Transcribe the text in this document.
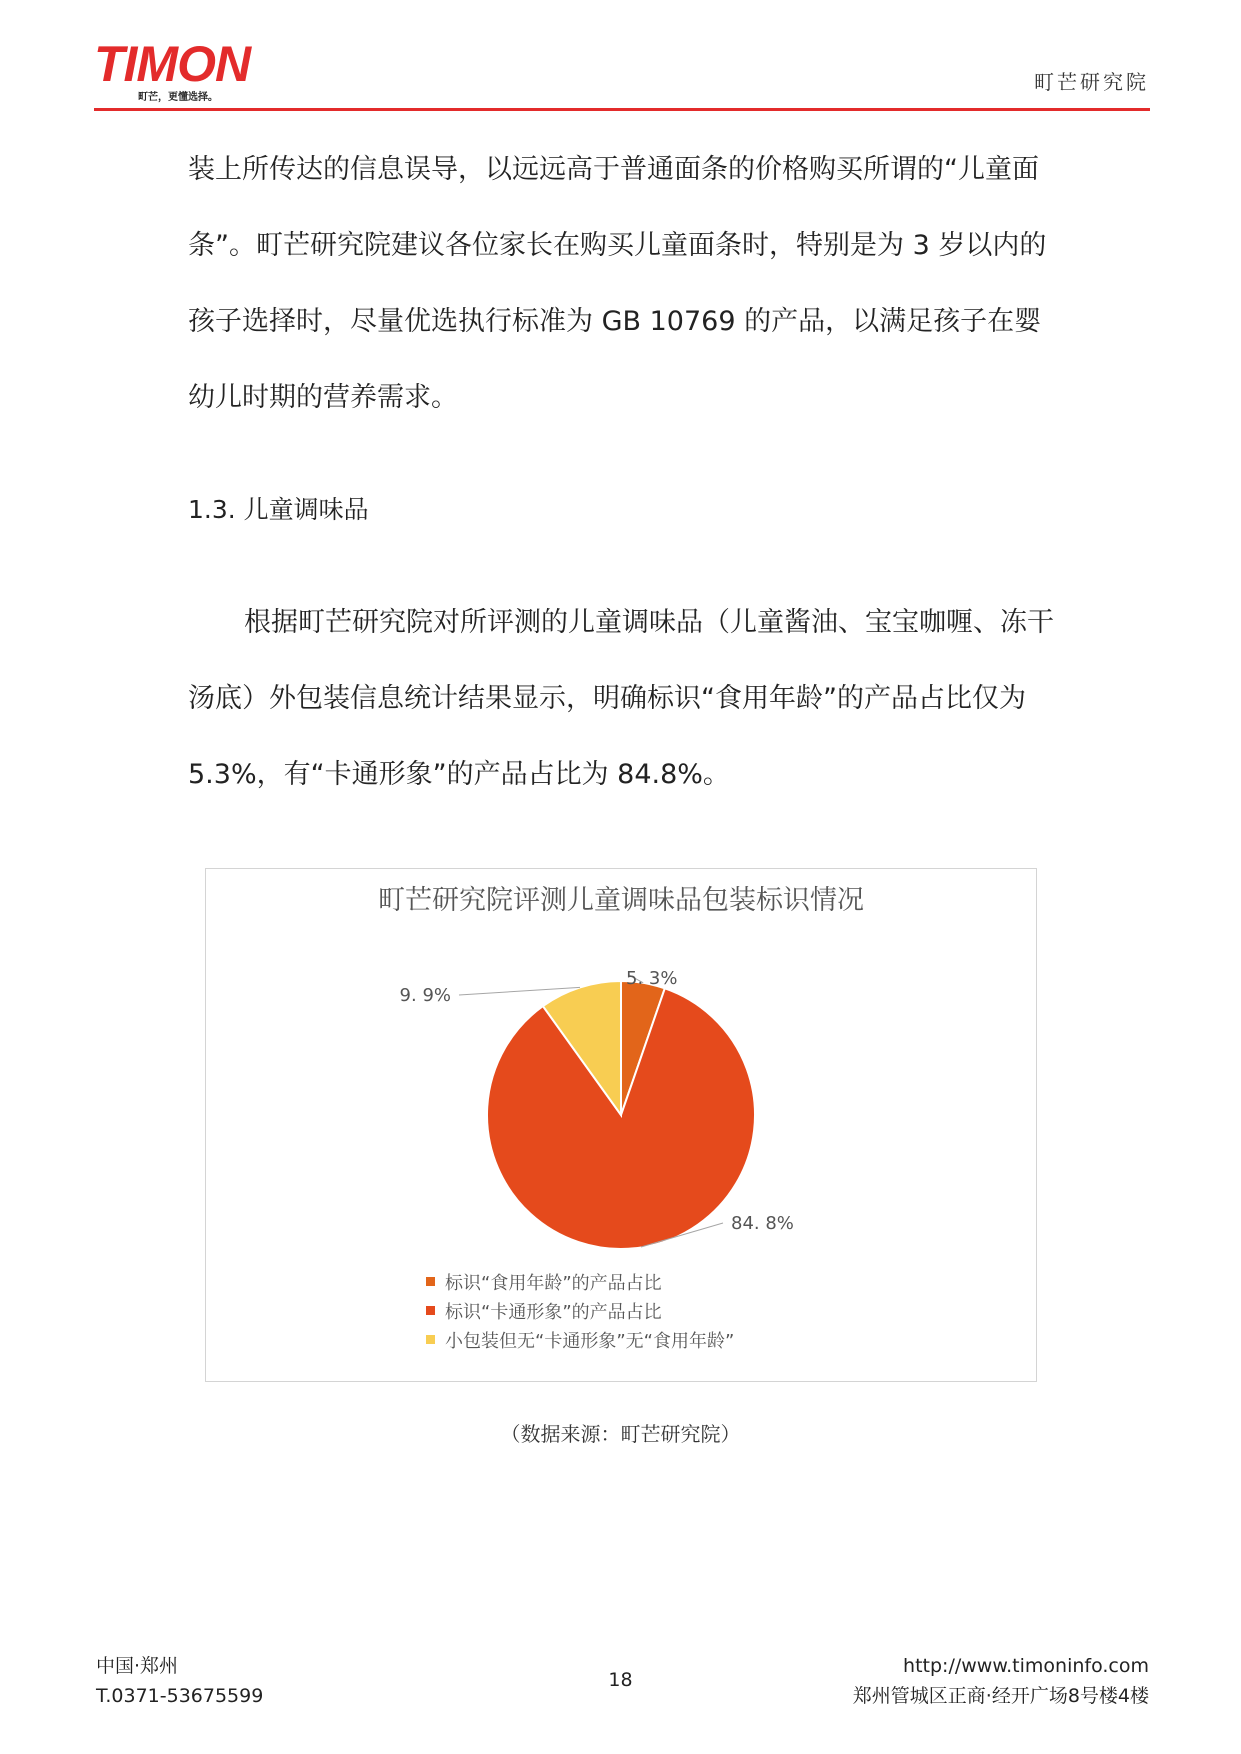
TIMON
町芒，更懂选择。
町芒研究院

装上所传达的信息误导，以远远高于普通面条的价格购买所谓的“儿童面条”。町芒研究院建议各位家长在购买儿童面条时，特别是为 3 岁以内的孩子选择时，尽量优选执行标准为 GB 10769 的产品，以满足孩子在婴幼儿时期的营养需求。

1.3. 儿童调味品

根据町芒研究院对所评测的儿童调味品（儿童酱油、宝宝咖喱、冻干汤底）外包装信息统计结果显示，明确标识“食用年龄”的产品占比仅为 5.3%，有“卡通形象”的产品占比为 84.8%。

町芒研究院评测儿童调味品包装标识情况
5. 3%
84. 8%
9. 9%
标识“食用年龄”的产品占比
标识“卡通形象”的产品占比
小包装但无“卡通形象”无“食用年龄”
（数据来源：町芒研究院）
中国·郑州
T.0371-53675599
18
http://www.timoninfo.com
郑州管城区正商·经开广场8号楼4楼
